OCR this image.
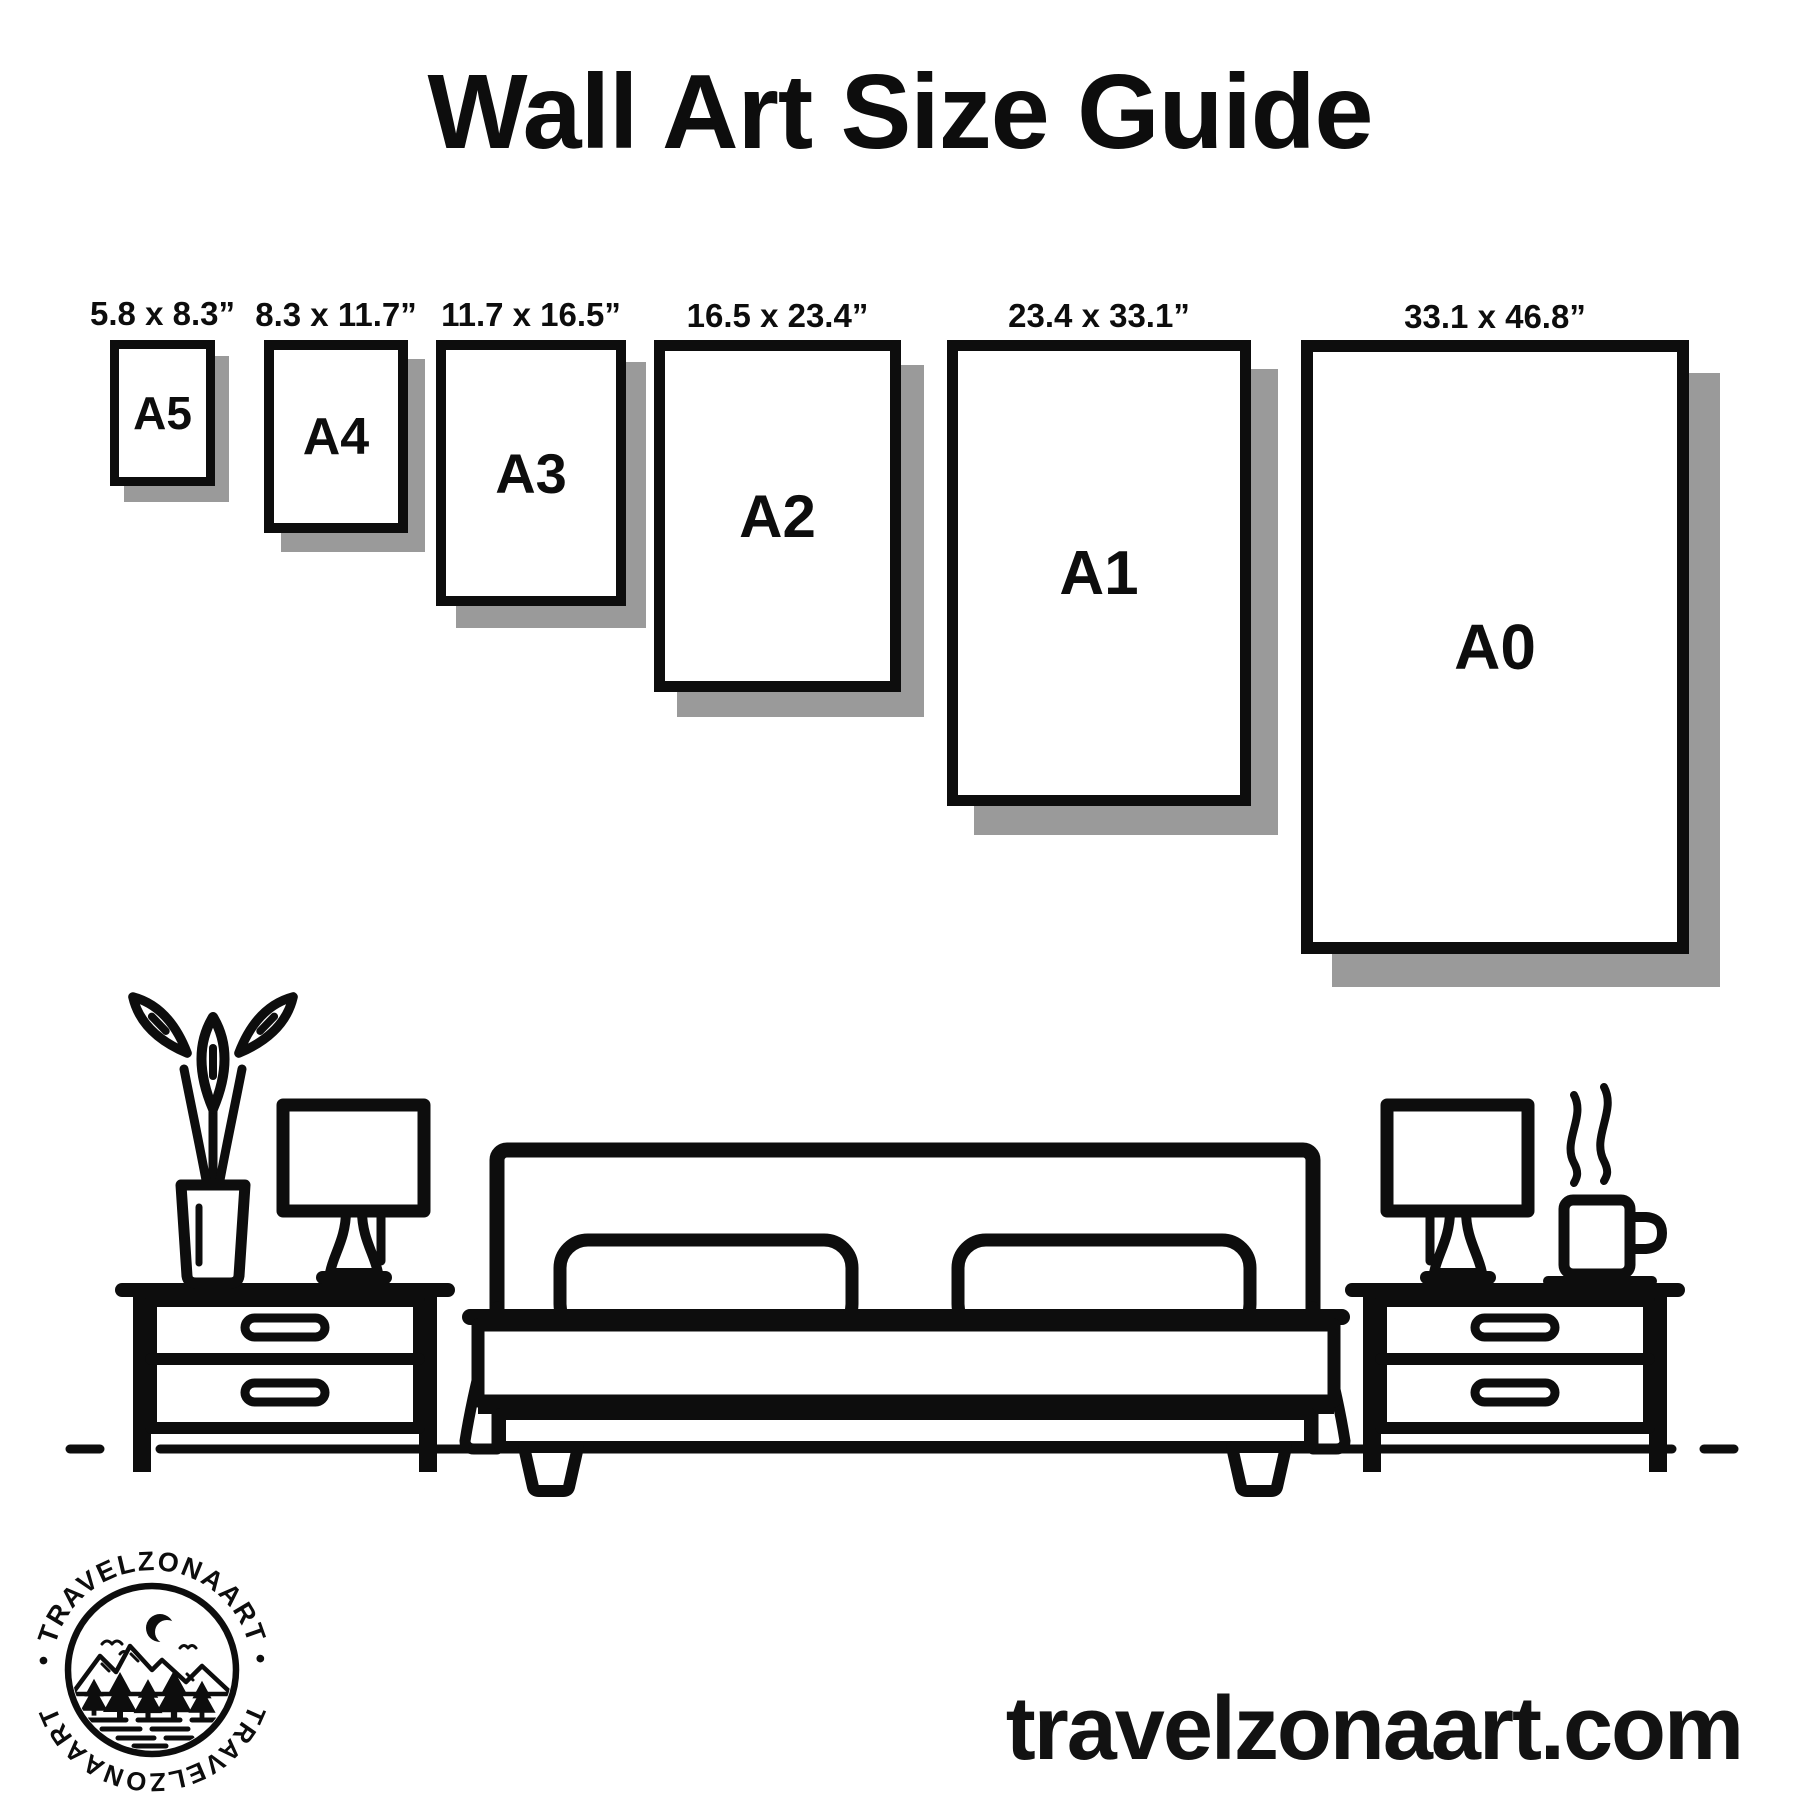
Wall Art Size Guide
5.8 x 8.3”
A5
8.3 x 11.7”
A4
11.7 x 16.5”
A3
16.5 x 23.4”
A2
23.4 x 33.1”
A1
33.1 x 46.8”
A0
• TRAVELZONAART •
TRAVELZONAART	travelzonaart.com
